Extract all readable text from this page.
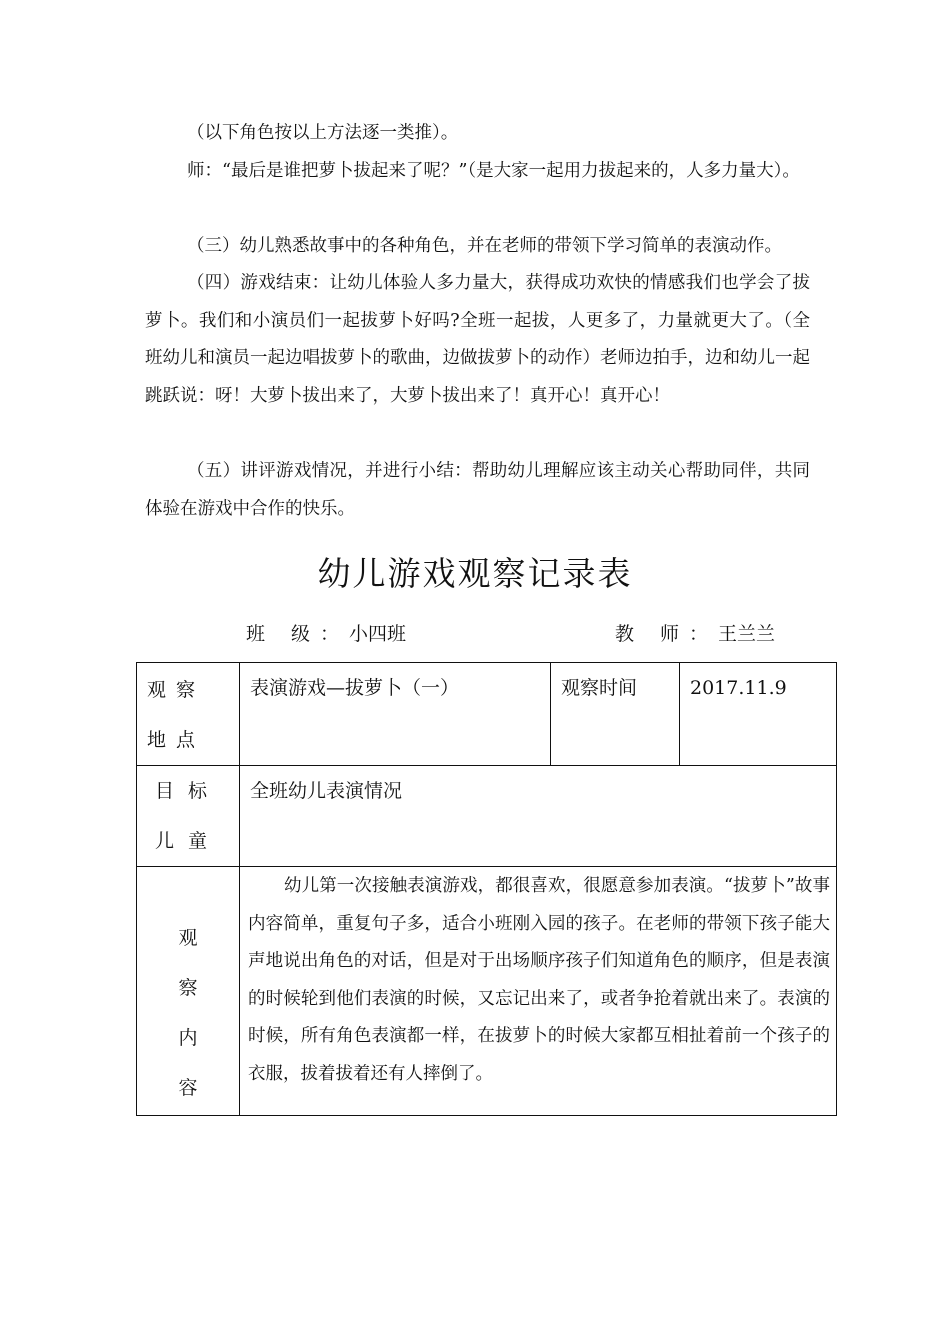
（以下角色按以上方法逐一类推）。

师：“最后是谁把萝卜拔起来了呢？”（是大家一起用力拔起来的，人多力量大）。

（三）幼儿熟悉故事中的各种角色，并在老师的带领下学习简单的表演动作。

（四）游戏结束：让幼儿体验人多力量大，获得成功欢快的情感我们也学会了拔萝卜。我们和小演员们一起拔萝卜好吗?全班一起拔，人更多了，力量就更大了。（全班幼儿和演员一起边唱拔萝卜的歌曲，边做拔萝卜的动作）老师边拍手，边和幼儿一起跳跃说：呀！大萝卜拔出来了，大萝卜拔出来了！真开心！真开心！

（五）讲评游戏情况，并进行小结：帮助幼儿理解应该主动关心帮助同伴，共同体验在游戏中合作的快乐。

幼儿游戏观察记录表
班 级：小四班	教 师：王兰兰
观察地点	表演游戏—拔萝卜（一）	观察时间	2017.11.9

目标
儿童	全班幼儿表演情况		

观
察
内
容	幼儿第一次接触表演游戏，都很喜欢，很愿意参加表演。“拔萝卜”故事内容简单，重复句子多，适合小班刚入园的孩子。在老师的带领下孩子能大声地说出角色的对话，但是对于出场顺序孩子们知道角色的顺序，但是表演的时候轮到他们表演的时候，又忘记出来了，或者争抢着就出来了。表演的时候，所有角色表演都一样，在拔萝卜的时候大家都互相扯着前一个孩子的衣服，拔着拔着还有人摔倒了。		
